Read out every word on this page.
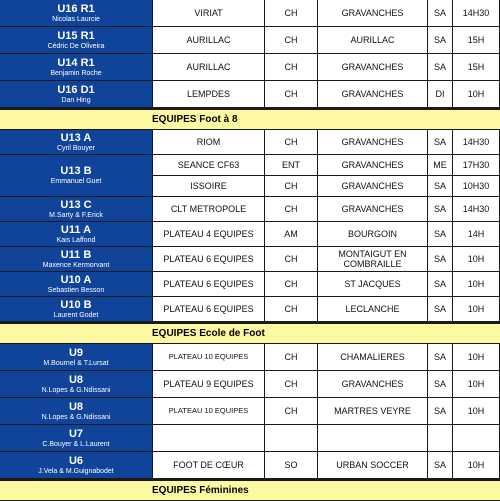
U16 R1
Nicolas Laurcie
VIRIAT	CH	GRAVANCHES	SA	14H30
U15 R1
Cédric De Oliveira
AURILLAC	CH	AURILLAC	SA	15H
U14 R1
Benjamin Roche
AURILLAC	CH	GRAVANCHES	SA	15H
U16 D1
Dan Hing
LEMPDES	CH	GRAVANCHES	DI	10H
EQUIPES Foot à 8
U13 A
Cyril Bouyer
RIOM	CH	GRAVANCHES	SA	14H30
U13 B
Emmanuel Guet
SEANCE CF63	ENT	GRAVANCHES	ME	17H30
ISSOIRE	CH	GRAVANCHES	SA	10H30
U13 C
M.Sarty & F.Erick
CLT METROPOLE	CH	GRAVANCHES	SA	14H30
U11 A
Kais Laffond
PLATEAU 4 EQUIPES	AM	BOURGOIN	SA	14H
U11 B
Maxence Kermorvant
PLATEAU 6 EQUIPES	CH	MONTAIGUT EN COMBRAILLE	SA	10H
U10 A
Sebastien Besson
PLATEAU 6 EQUIPES	CH	ST JACQUES	SA	10H
U10 B
Laurent Godet
PLATEAU 6 EQUIPES	CH	LECLANCHE	SA	10H
EQUIPES Ecole de Foot
U9
M.Bournel & T.Lursat
PLATEAU 10 EQUIPES	CH	CHAMALIERES	SA	10H
U8
N.Lopes & G.Ndissani
PLATEAU 9 EQUIPES	CH	GRAVANCHES	SA	10H
U8
N.Lopes & G.Ndissani
PLATEAU 10 EQUIPES	CH	MARTRES VEYRE	SA	10H
U7
C.Bouyer & L.Laurent
U6
J.Vela & M.Guignabodet
FOOT DE CŒUR	SO	URBAN SOCCER	SA	10H
EQUIPES Féminines
